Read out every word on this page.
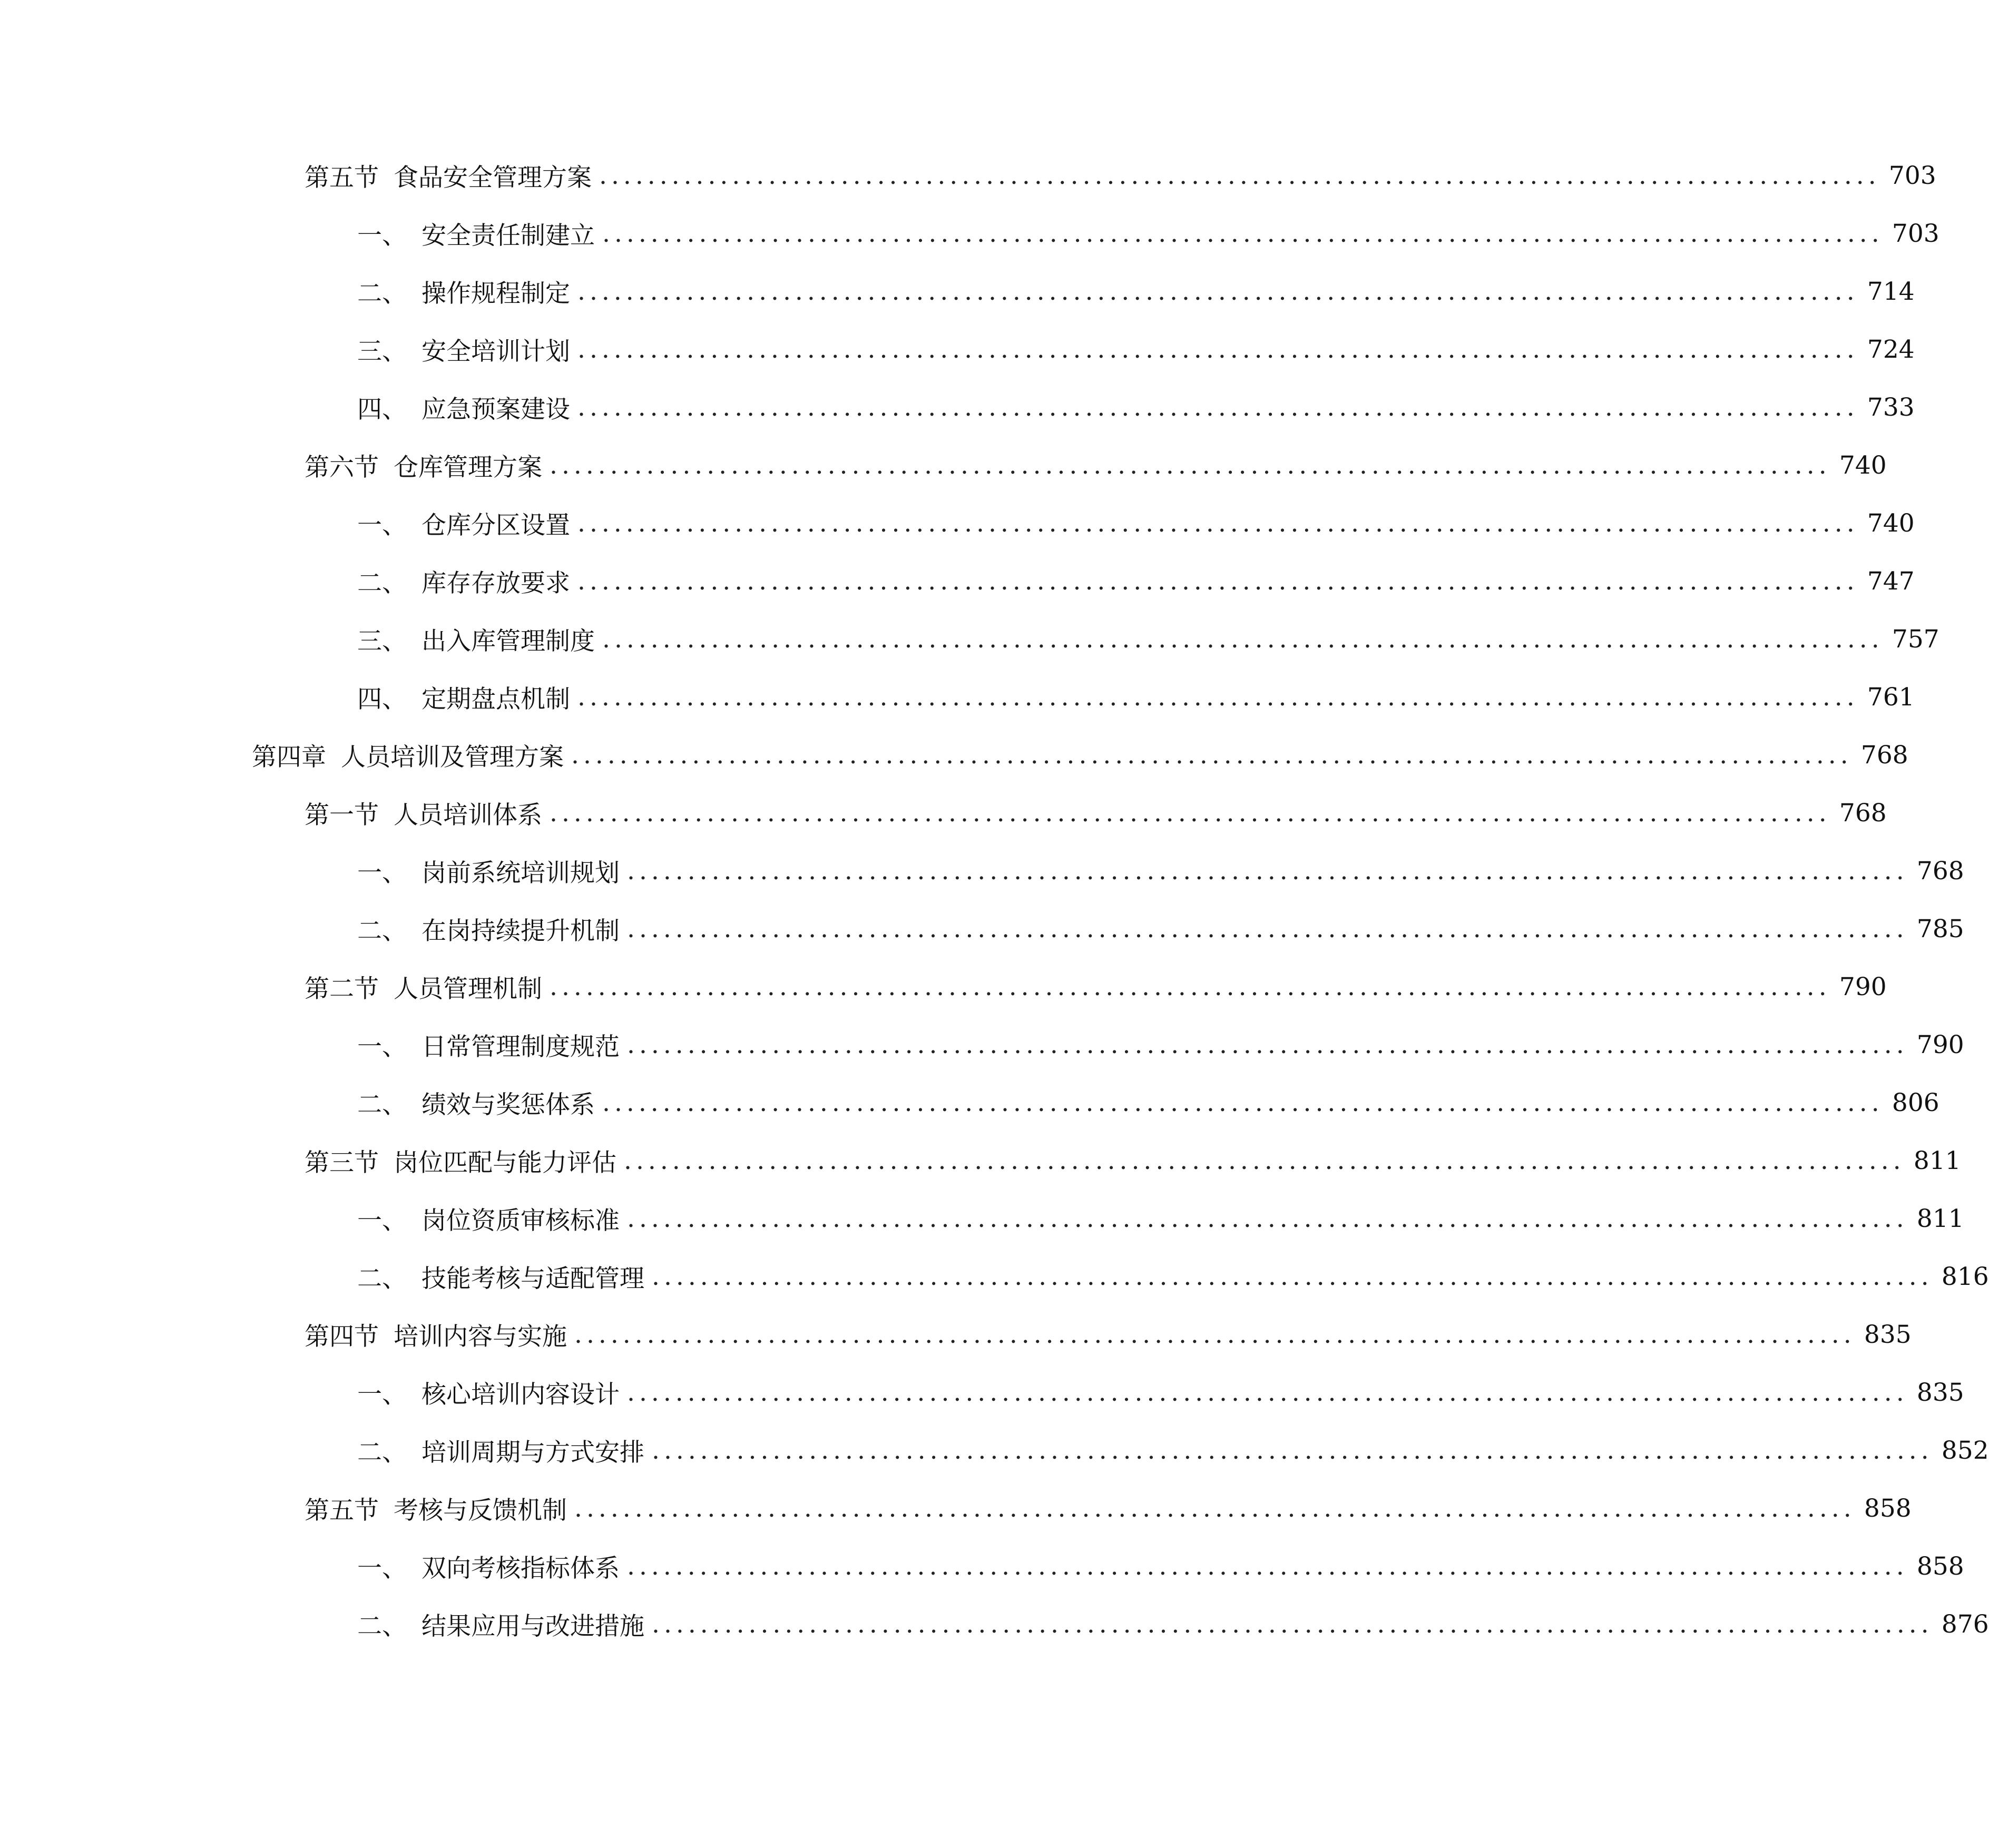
第五节 食品安全管理方案 .......................................................................................................... 703
一、 安全责任制建立 .......................................................................................................... 703
二、 操作规程制定 .......................................................................................................... 714
三、 安全培训计划 .......................................................................................................... 724
四、 应急预案建设 .......................................................................................................... 733
第六节 仓库管理方案 .......................................................................................................... 740
一、 仓库分区设置 .......................................................................................................... 740
二、 库存存放要求 .......................................................................................................... 747
三、 出入库管理制度 .......................................................................................................... 757
四、 定期盘点机制 .......................................................................................................... 761
第四章 人员培训及管理方案 .......................................................................................................... 768
第一节 人员培训体系 .......................................................................................................... 768
一、 岗前系统培训规划 .......................................................................................................... 768
二、 在岗持续提升机制 .......................................................................................................... 785
第二节 人员管理机制 .......................................................................................................... 790
一、 日常管理制度规范 .......................................................................................................... 790
二、 绩效与奖惩体系 .......................................................................................................... 806
第三节 岗位匹配与能力评估 .......................................................................................................... 811
一、 岗位资质审核标准 .......................................................................................................... 811
二、 技能考核与适配管理 .......................................................................................................... 816
第四节 培训内容与实施 .......................................................................................................... 835
一、 核心培训内容设计 .......................................................................................................... 835
二、 培训周期与方式安排 .......................................................................................................... 852
第五节 考核与反馈机制 .......................................................................................................... 858
一、 双向考核指标体系 .......................................................................................................... 858
二、 结果应用与改进措施 .......................................................................................................... 876
